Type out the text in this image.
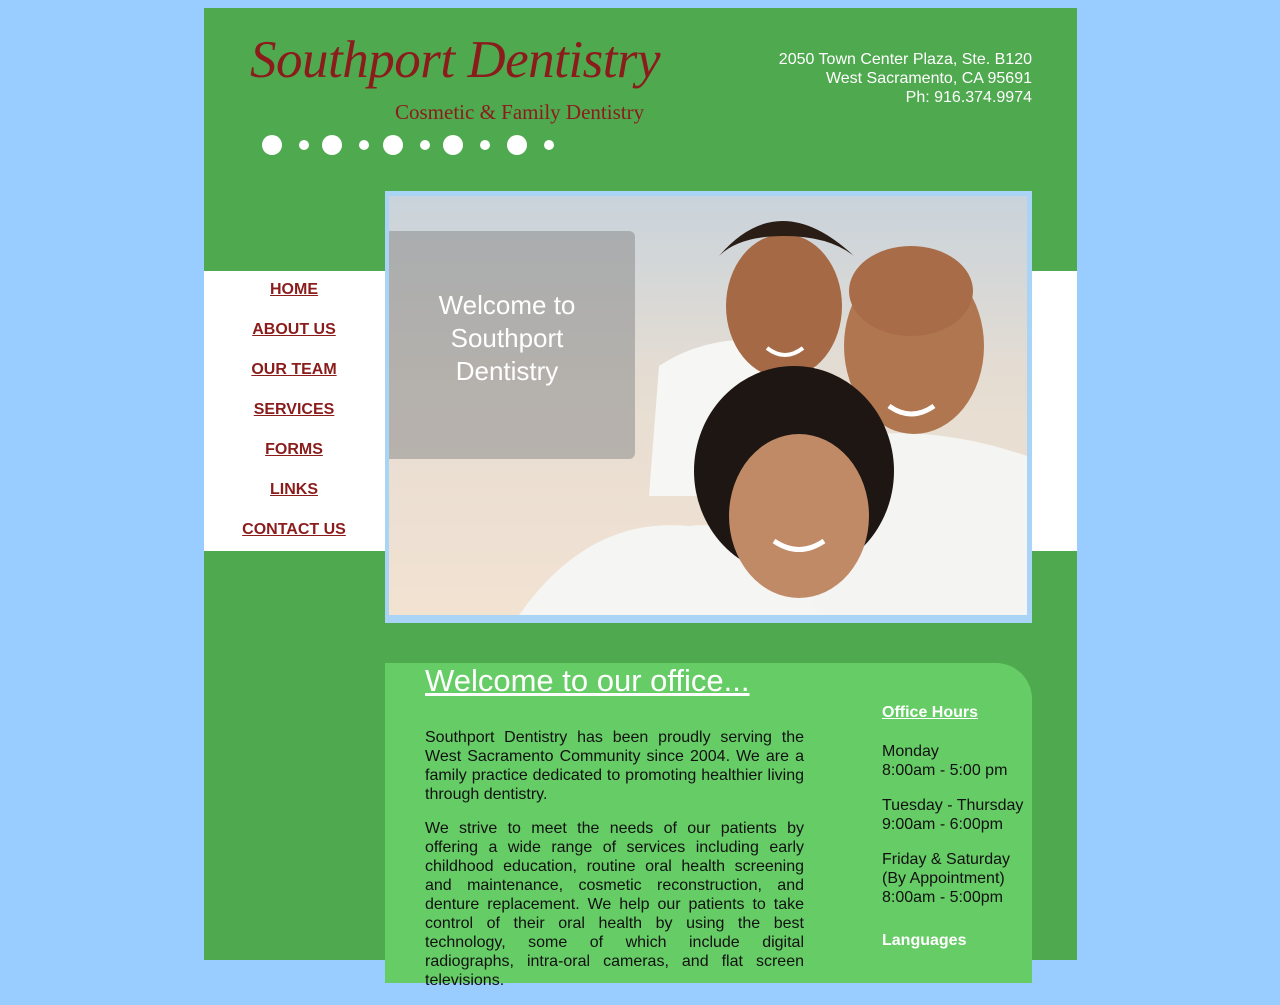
Southport Dentistry
Cosmetic & Family Dentistry
2050 Town Center Plaza, Ste. B120
West Sacramento, CA 95691
Ph: 916.374.9974
HOME
ABOUT US
OUR TEAM
SERVICES
FORMS
LINKS
CONTACT US
Welcome to
Southport
Dentistry
Welcome to our office...

Southport Dentistry has been proudly serving the West Sacramento Community since 2004. We are a family practice dedicated to promoting healthier living through dentistry.

We strive to meet the needs of our patients by offering a wide range of services including early childhood education, routine oral health screening and maintenance, cosmetic reconstruction, and denture replacement. We help our patients to take control of their oral health by using the best technology, some of which include digital radiographs, intra-oral cameras, and flat screen televisions.

Office Hours
Monday
8:00am - 5:00 pm
Tuesday - Thursday
9:00am - 6:00pm
Friday & Saturday
(By Appointment)
8:00am - 5:00pm
Languages
